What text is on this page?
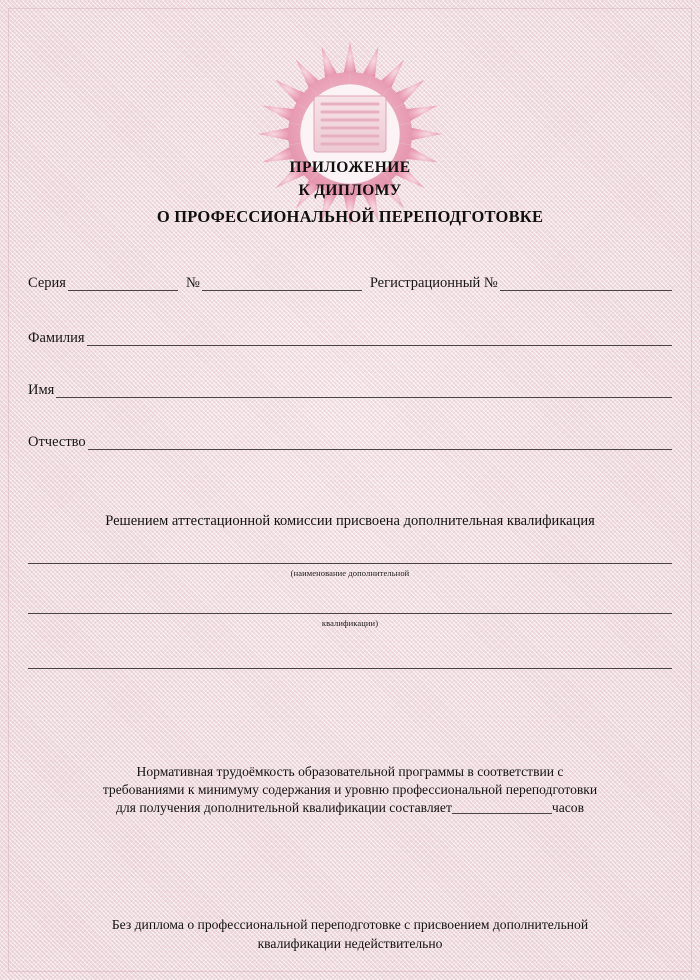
ПРИЛОЖЕНИЕ
К ДИПЛОМУ
О ПРОФЕССИОНАЛЬНОЙ ПЕРЕПОДГОТОВКЕ
Серия	№	Регистрационный №
Фамилия
Имя
Отчество
Решением аттестационной комиссии присвоена дополнительная квалификация
(наименование дополнительной
квалификации)
Нормативная трудоёмкость образовательной программы в соответствии с
требованиями к минимуму содержания и уровню профессиональной переподготовки
для получения дополнительной квалификации составляет	часов
Без диплома о профессиональной переподготовке с присвоением дополнительной
квалификации недействительно
